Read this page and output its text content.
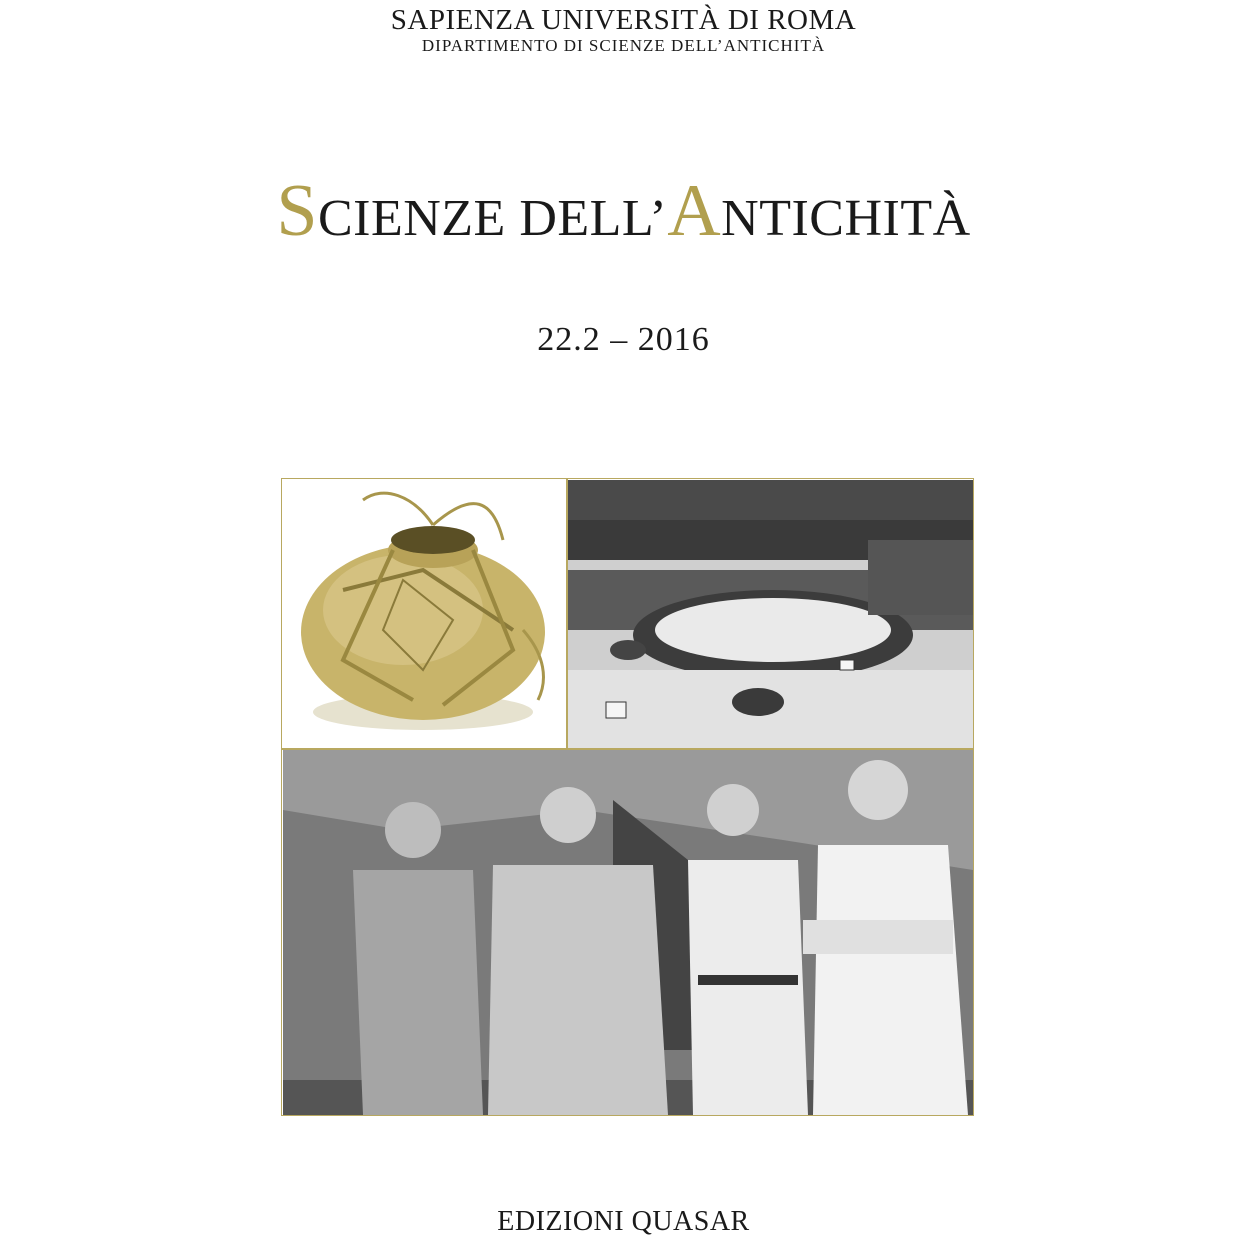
SAPIENZA UNIVERSITÀ DI ROMA
DIPARTIMENTO DI SCIENZE DELL’ANTICHITÀ
SCIENZE DELL’ANTICHITÀ
22.2 – 2016
EDIZIONI QUASAR
